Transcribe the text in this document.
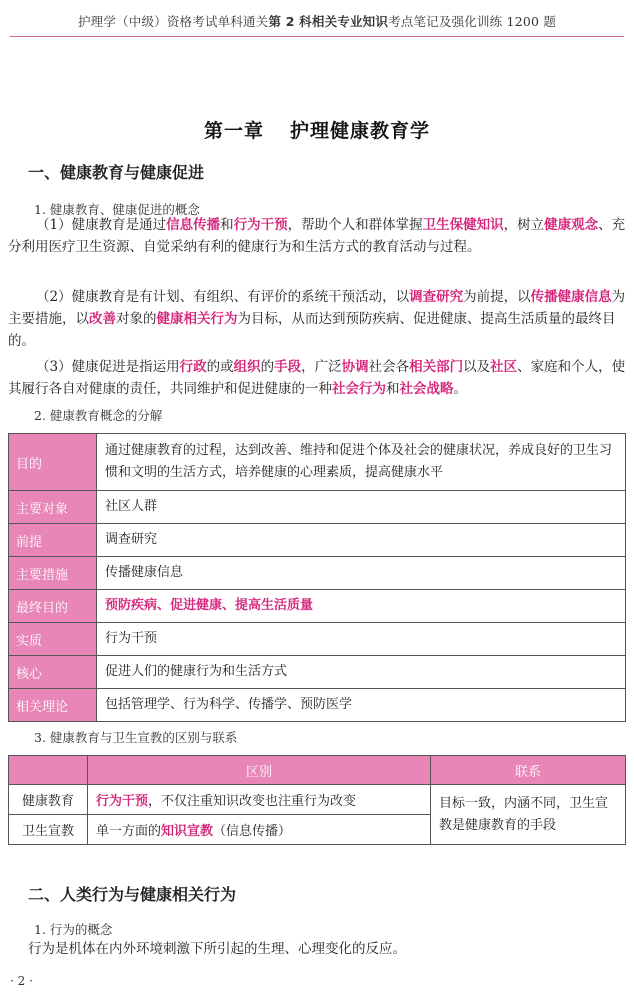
护理学（中级）资格考试单科通关第 2 科相关专业知识考点笔记及强化训练 1200 题
第一章 护理健康教育学
一、健康教育与健康促进
1. 健康教育、健康促进的概念
（1）健康教育是通过信息传播和行为干预，帮助个人和群体掌握卫生保健知识，树立健康观念、充分利用医疗卫生资源、自觉采纳有利的健康行为和生活方式的教育活动与过程。
（2）健康教育是有计划、有组织、有评价的系统干预活动，以调查研究为前提，以传播健康信息为主要措施，以改善对象的健康相关行为为目标，从而达到预防疾病、促进健康、提高生活质量的最终目的。
（3）健康促进是指运用行政的或组织的手段，广泛协调社会各相关部门以及社区、家庭和个人，使其履行各自对健康的责任，共同维护和促进健康的一种社会行为和社会战略。
2. 健康教育概念的分解
目的	通过健康教育的过程，达到改善、维持和促进个体及社会的健康状况，养成良好的卫生习惯和文明的生活方式，培养健康的心理素质，提高健康水平
主要对象	社区人群
前提	调查研究
主要措施	传播健康信息
最终目的	预防疾病、促进健康、提高生活质量
实质	行为干预
核心	促进人们的健康行为和生活方式
相关理论	包括管理学、行为科学、传播学、预防医学
3. 健康教育与卫生宣教的区别与联系
	区别	联系
健康教育	行为干预，不仅注重知识改变也注重行为改变	目标一致，内涵不同，卫生宣教是健康教育的手段
卫生宣教	单一方面的知识宣教（信息传播）	
二、人类行为与健康相关行为
1. 行为的概念
行为是机体在内外环境刺激下所引起的生理、心理变化的反应。
· 2 ·
